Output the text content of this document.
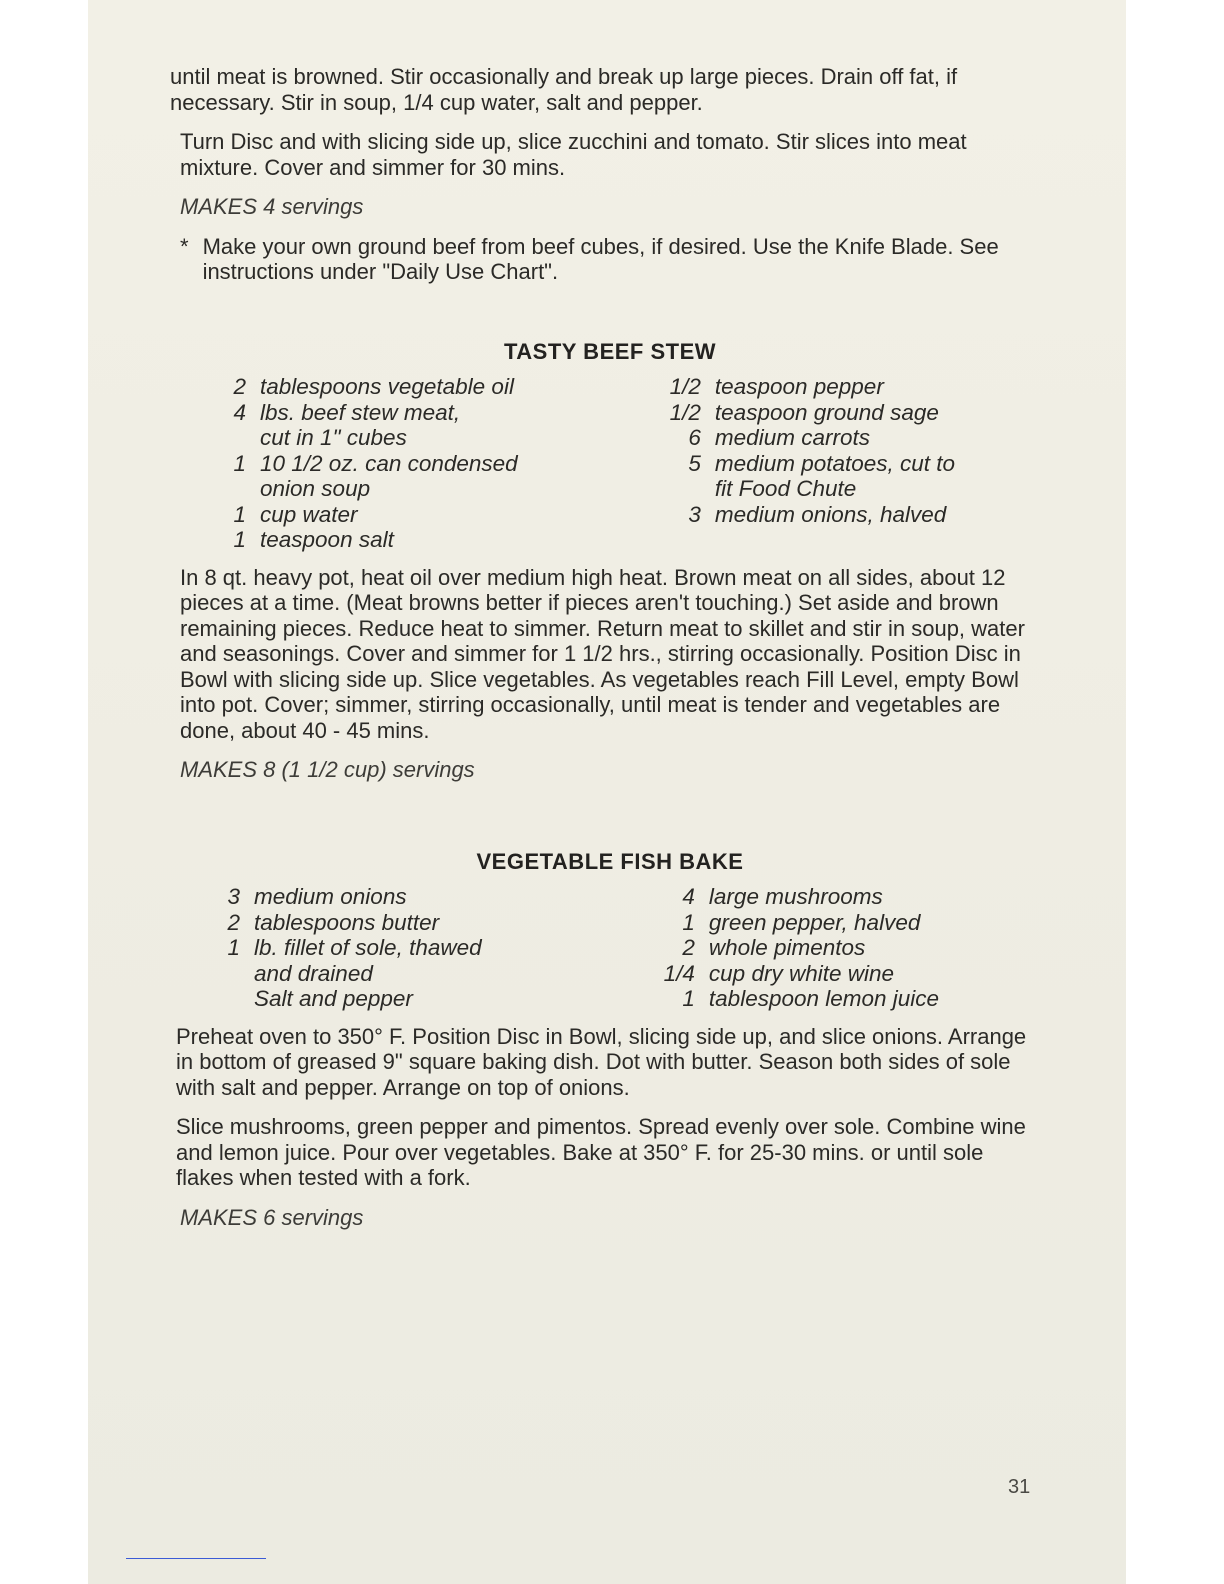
until meat is browned. Stir occasionally and break up large pieces. Drain off fat, if necessary. Stir in soup, 1/4 cup water, salt and pepper.

Turn Disc and with slicing side up, slice zucchini and tomato. Stir slices into meat mixture. Cover and simmer for 30 mins.

MAKES 4 servings

* Make your own ground beef from beef cubes, if desired. Use the Knife Blade. See instructions under "Daily Use Chart".
TASTY BEEF STEW
2 tablespoons vegetable oil
4 lbs. beef stew meat,
cut in 1" cubes
1 10 1/2 oz. can condensed
onion soup
1 cup water
1 teaspoon salt
1/2 teaspoon pepper
1/2 teaspoon ground sage
6 medium carrots
5 medium potatoes, cut to
fit Food Chute
3 medium onions, halved

In 8 qt. heavy pot, heat oil over medium high heat. Brown meat on all sides, about 12 pieces at a time. (Meat browns better if pieces aren't touching.) Set aside and brown remaining pieces. Reduce heat to simmer. Return meat to skillet and stir in soup, water and seasonings. Cover and simmer for 1 1/2 hrs., stirring occasionally. Position Disc in Bowl with slicing side up. Slice vegetables. As vegetables reach Fill Level, empty Bowl into pot. Cover; simmer, stirring occasionally, until meat is tender and vegetables are done, about 40 - 45 mins.

MAKES 8 (1 1/2 cup) servings

VEGETABLE FISH BAKE
3 medium onions
2 tablespoons butter
1 lb. fillet of sole, thawed
and drained
Salt and pepper
4 large mushrooms
1 green pepper, halved
2 whole pimentos
1/4 cup dry white wine
1 tablespoon lemon juice

Preheat oven to 350° F. Position Disc in Bowl, slicing side up, and slice onions. Arrange in bottom of greased 9" square baking dish. Dot with butter. Season both sides of sole with salt and pepper. Arrange on top of onions.

Slice mushrooms, green pepper and pimentos. Spread evenly over sole. Combine wine and lemon juice. Pour over vegetables. Bake at 350° F. for 25-30 mins. or until sole flakes when tested with a fork.

MAKES 6 servings

31
